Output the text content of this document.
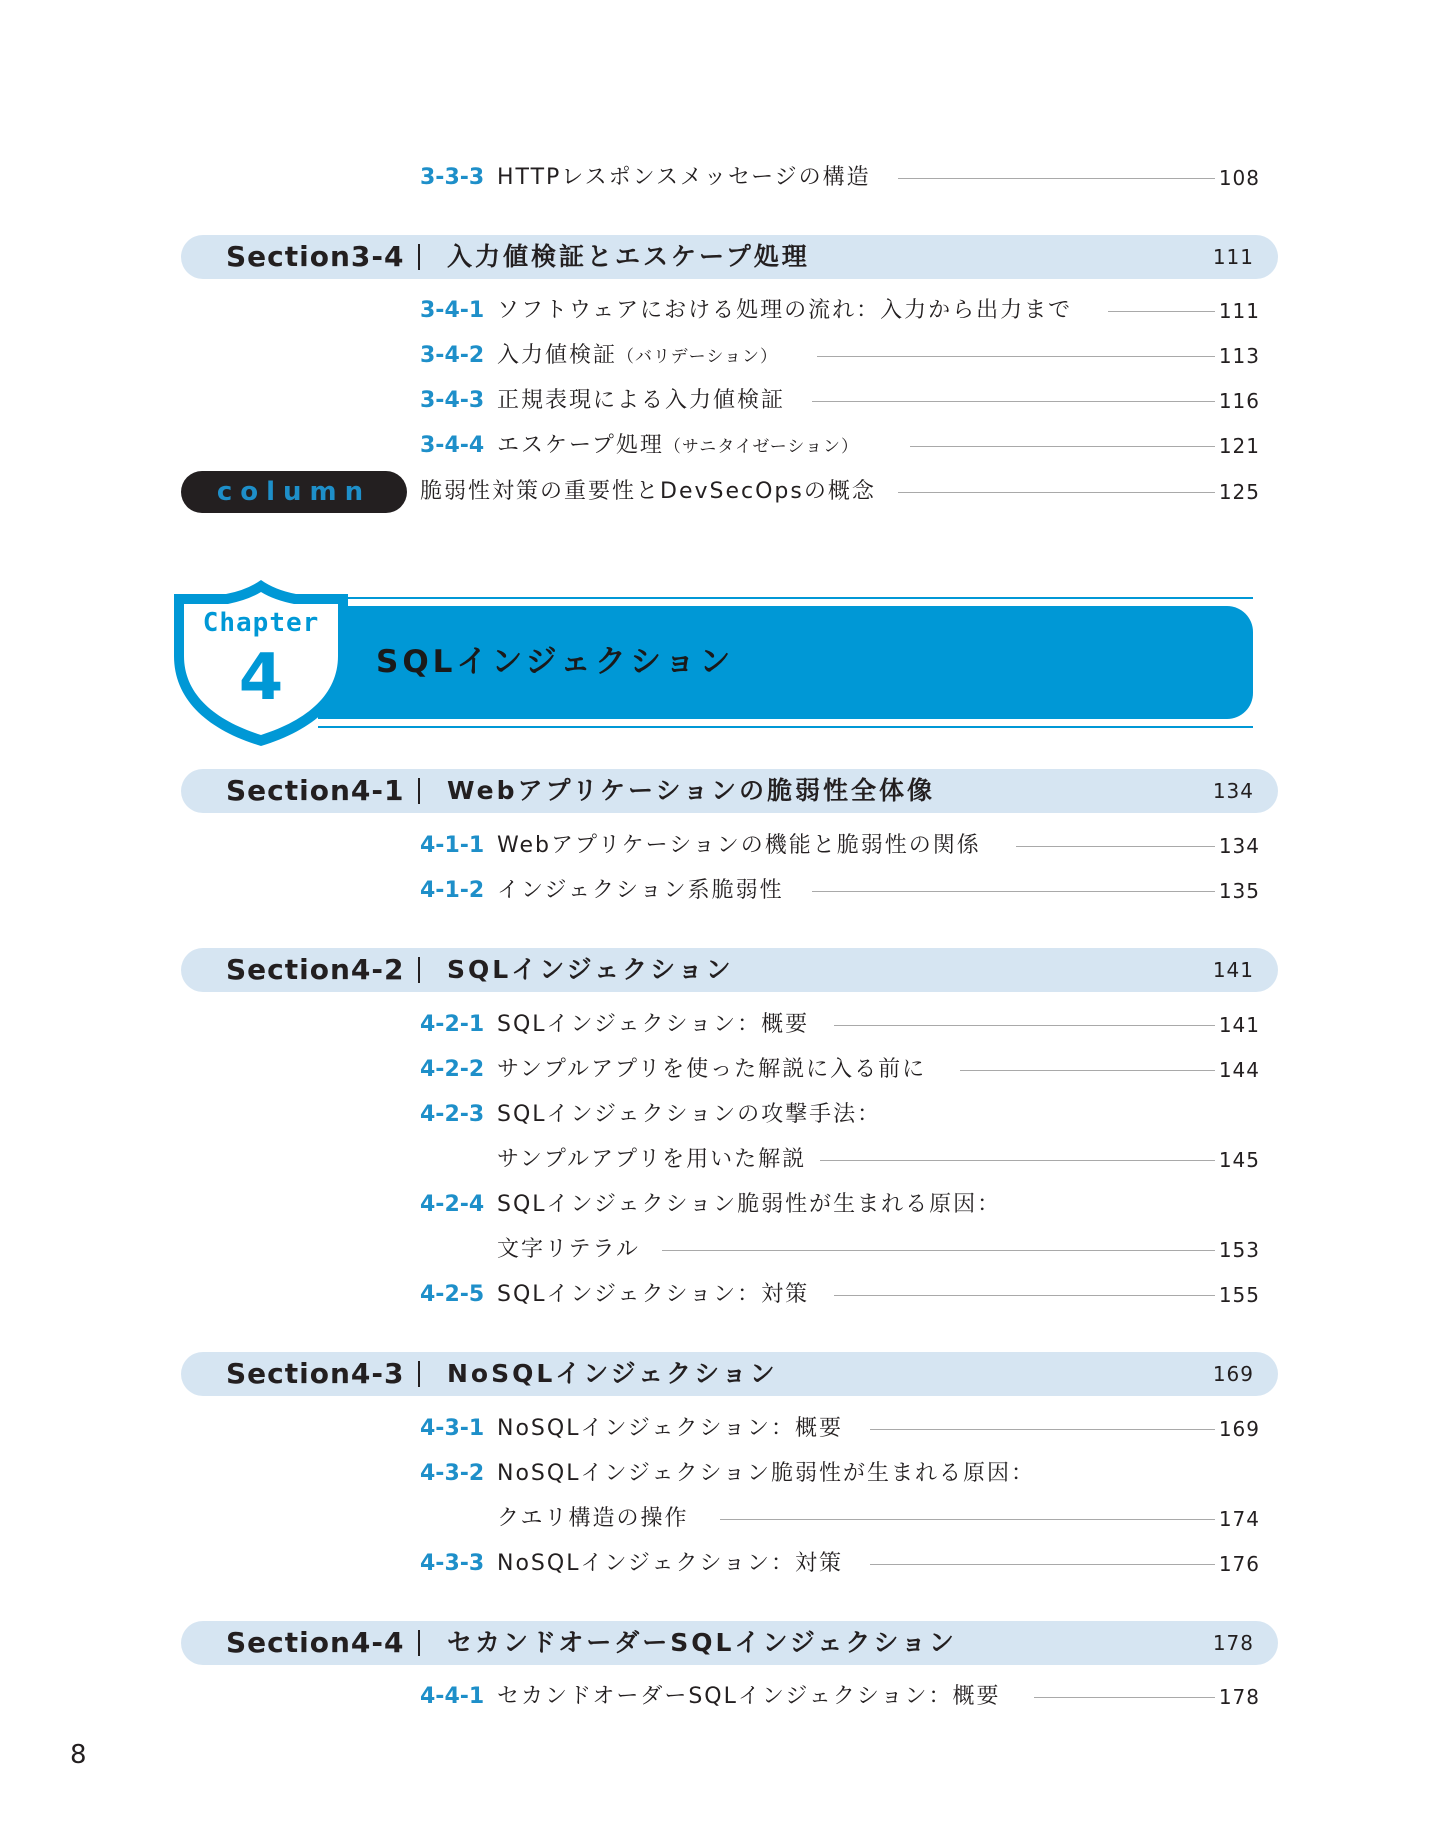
3-3-3 HTTPレスポンスメッセージの構造	108
Section3-4 入力値検証とエスケープ処理	111
3-4-1 ソフトウェアにおける処理の流れ：入力から出力まで	111
3-4-2 入力値検証（バリデーション）	113
3-4-3 正規表現による入力値検証	116
3-4-4 エスケープ処理（サニタイゼーション）	121
column	脆弱性対策の重要性とDevSecOpsの概念	125
Chapter
4	SQLインジェクション
Section4-1 Webアプリケーションの脆弱性全体像	134
4-1-1 Webアプリケーションの機能と脆弱性の関係	134
4-1-2 インジェクション系脆弱性	135
Section4-2 SQLインジェクション	141
4-2-1 SQLインジェクション：概要	141
4-2-2 サンプルアプリを使った解説に入る前に	144
4-2-3 SQLインジェクションの攻撃手法：
サンプルアプリを用いた解説	145
4-2-4 SQLインジェクション脆弱性が生まれる原因：
文字リテラル	153
4-2-5 SQLインジェクション：対策	155
Section4-3 NoSQLインジェクション	169
4-3-1 NoSQLインジェクション：概要	169
4-3-2 NoSQLインジェクション脆弱性が生まれる原因：
クエリ構造の操作	174
4-3-3 NoSQLインジェクション：対策	176
Section4-4 セカンドオーダーSQLインジェクション	178
4-4-1 セカンドオーダーSQLインジェクション：概要	178
8
